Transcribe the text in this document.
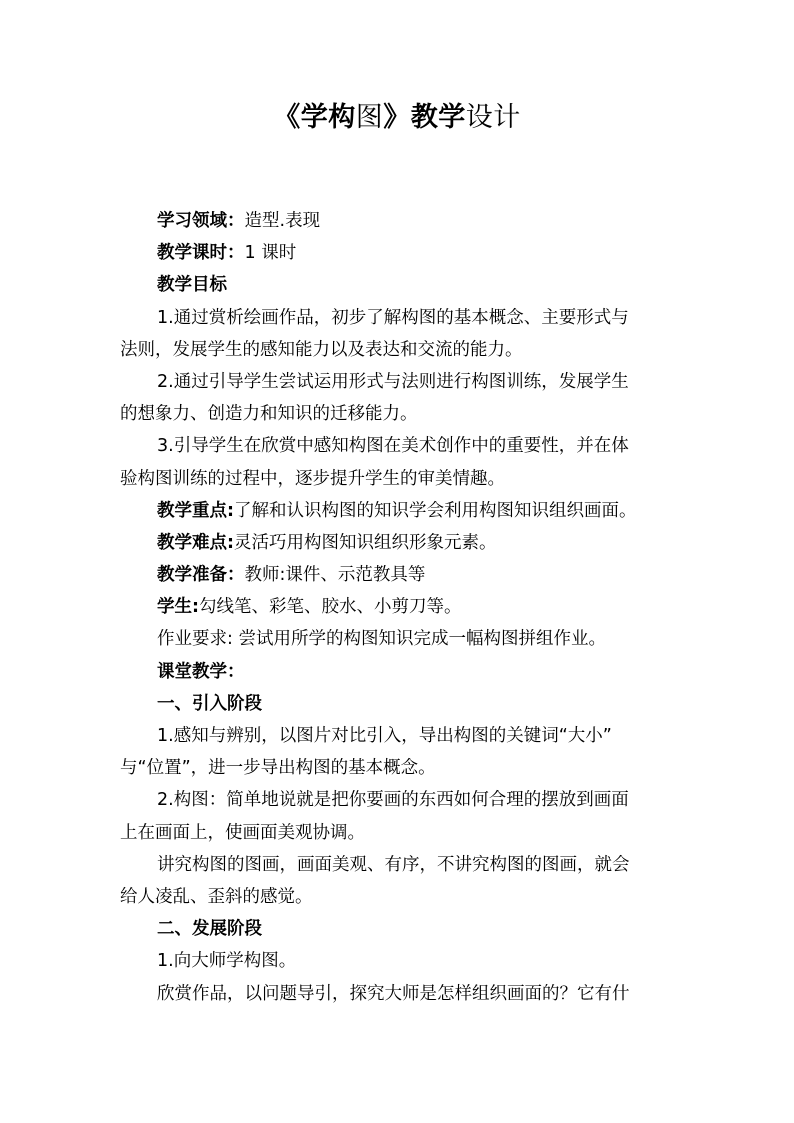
《学构图》教学设计
学习领域：造型.表现
教学课时：1 课时
教学目标
1.通过赏析绘画作品，初步了解构图的基本概念、主要形式与
法则，发展学生的感知能力以及表达和交流的能力。
2.通过引导学生尝试运用形式与法则进行构图训练，发展学生
的想象力、创造力和知识的迁移能力。
3.引导学生在欣赏中感知构图在美术创作中的重要性，并在体
验构图训练的过程中，逐步提升学生的审美情趣。
教学重点:了解和认识构图的知识学会利用构图知识组织画面。
教学难点:灵活巧用构图知识组织形象元素。
教学准备：教师:课件、示范教具等
学生:勾线笔、彩笔、胶水、小剪刀等。
作业要求: 尝试用所学的构图知识完成一幅构图拼组作业。
课堂教学：
一、引入阶段
1.感知与辨别，以图片对比引入，导出构图的关键词“大小”
与“位置”，进一步导出构图的基本概念。
2.构图：简单地说就是把你要画的东西如何合理的摆放到画面
上在画面上，使画面美观协调。
讲究构图的图画，画面美观、有序，不讲究构图的图画，就会
给人凌乱、歪斜的感觉。
二、发展阶段
1.向大师学构图。
欣赏作品，以问题导引，探究大师是怎样组织画面的？它有什
